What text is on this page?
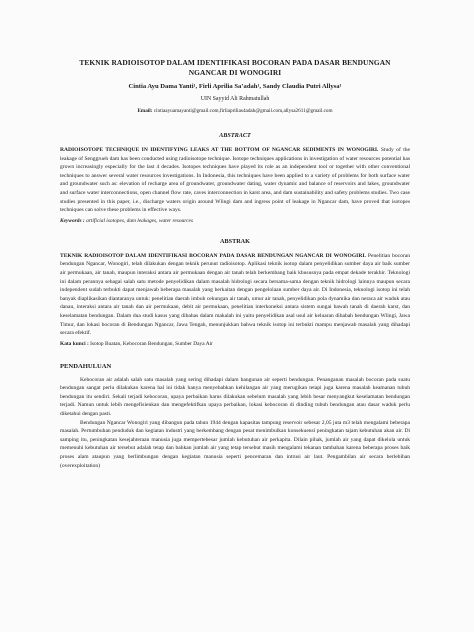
TEKNIK RADIOISOTOP DALAM IDENTIFIKASI BOCORAN PADA DASAR BENDUNGAN NGANCAR DI WONOGIRI
Cintia Ayu Dama Yanti¹, Firli Aprilia Sa’adah¹, Sandy Claudia Putri Allysa¹
UIN Sayyid Ali Rahmatullah
Email: cintiaayuamayanti@gmail.com,firliaprilias4adah@gmail.com,allysa2611@gmail.com
ABSTRACT
RADIOISOTOPE TECHNIQUE IN IDENTIFYING LEAKS AT THE BOTTOM OF NGANCAR SEDIMENTS IN WONOGIRI. Study of the leakage of Senggrueh dam has been conducted using radioisotope technique. Isotope techniques applications in investigation of water resources potential has grown increasingly especially for the last 4 decades. Isotopes techniques have played its role as an independent tool or together with other conventional techniques to answer several water resources investigations. In Indonesia, this techniques have been applied to a variety of problems for both surface water and groundwater such as: elevation of recharge area of groundwater, groundwater dating, water dynamic and balance of reservoirs and lakes, groundwater and surface water interconnections, open channel flow rate, caves interconnection in karst area, and dam sustainability and safety problems studies. Two case studies presented in this paper, i.e., discharge waters origin around Wlingi dam and ingress point of leakage in Ngancar dam, have proved that isotopes techniques can solve these problems in effective ways.
Keywords : artificial isotopes, dam leakages, water resources
ABSTRAK
TEKNIK RADIOISOTOP DALAM IDENTIFIKASI BOCORAN PADA DASAR BENDUNGAN NGANCAR DI WONOGIRI. Penelitian bocoran bendungan Ngancar, Wonogiri, telah dilakukan dengan teknik perunut radioisotop. Aplikasi teknik isotop dalam penyelidikan sumber daya air baik sumber air permukaan, air tanah, maupun interaksi antara air permukaan dengan air tanah telah berkembang baik khususnya pada empat dekade terakhir. Teknologi ini dalam perannya sebagai salah satu metode penyelidikan dalam masalah hidrologi secara bersama-sama dengan teknik hidrologi lainnya maupun secara independent sudah terbukti dapat menjawab beberapa masalah yang berkaitan dengan pengelolaan sumber daya air. Di Indonesia, teknologi isotop ini telah banyak diaplikasikan diantaranya untuk: penelitian daerah imbuh cekungan air tanah, umur air tanah, penyelidikan pola dynamika dan neraca air waduk atau danau, interaksi antara air tanah dan air permukaan, debit air permukaan, penelitian interkoneksi antara sistem sungai bawah tanah di daerah karst, dan keselamatan bendungan. Dalam dua studi kasus yang dibahas dalam makalah ini yaitu penyelidikan asal usul air keluaran dibabah bendungan Wlingi, Jawa Timur, dan lokasi bocoran di Bendungan Ngancar, Jawa Tengah, menunjukkan bahwa teknik isotop ini terbukti mampu menjawab masalah yang dihadapi secara efektif.
Kata kunci : Isotop Buatan, Kebocoran Bendungan, Sumber Daya Air
PENDAHULUAN
Kebocoran air adalah salah satu masalah yang sering dihadapi dalam bangunan air seperti bendungan. Penanganan masalah bocoran pada suatu bendungan sangat perlu dilakukan karena hal ini tidak hanya menyebabkan kehilangan air yang merugikan tetapi juga karena masalah keamanan tubuh bendungan itu sendiri. Sekali terjadi kebocoran, upaya perbaikan harus dilakukan sebelum masalah yang lebih besar menyangkut keselamatan bendungan terjadi. Namun untuk lebih mengefisienkan dan mengefektifkan upaya perbaikan, lokasi kebocoran di dinding tubuh bendungan atau dasar waduk perlu diketahui dengan pasti.
Bendungan Ngancar Wonogiri yang dibangun pada tahun 1944 dengan kapasitas tampung reservoir sebesar 2,05 juta m3 telah mengalami beberapa masalah. Pertumbuhan penduduk dan kegiatan industri yang berkembang dengan pesat menimbulkan konsekuensi peningkatan tajam kebutuhan akan air. Di samping itu, peningkatan kesejahteraan manusia juga mempertebesar jumlah kebutuhan air perkapita. Dilain pihak, jumlah air yang dapat dikelola untuk memenuhi kebutuhan air tersebut adalah tetap dan bahkan jumlah air yang tetap tersebut masih mengalami tekanan tambahan karena beberapa proses baik proses alam ataupun yang berlimbungan dengan kegiatan manusia seperti pencemaran dan intrusi air laut. Pengambilan air secara berlebihan (overexploitation)
